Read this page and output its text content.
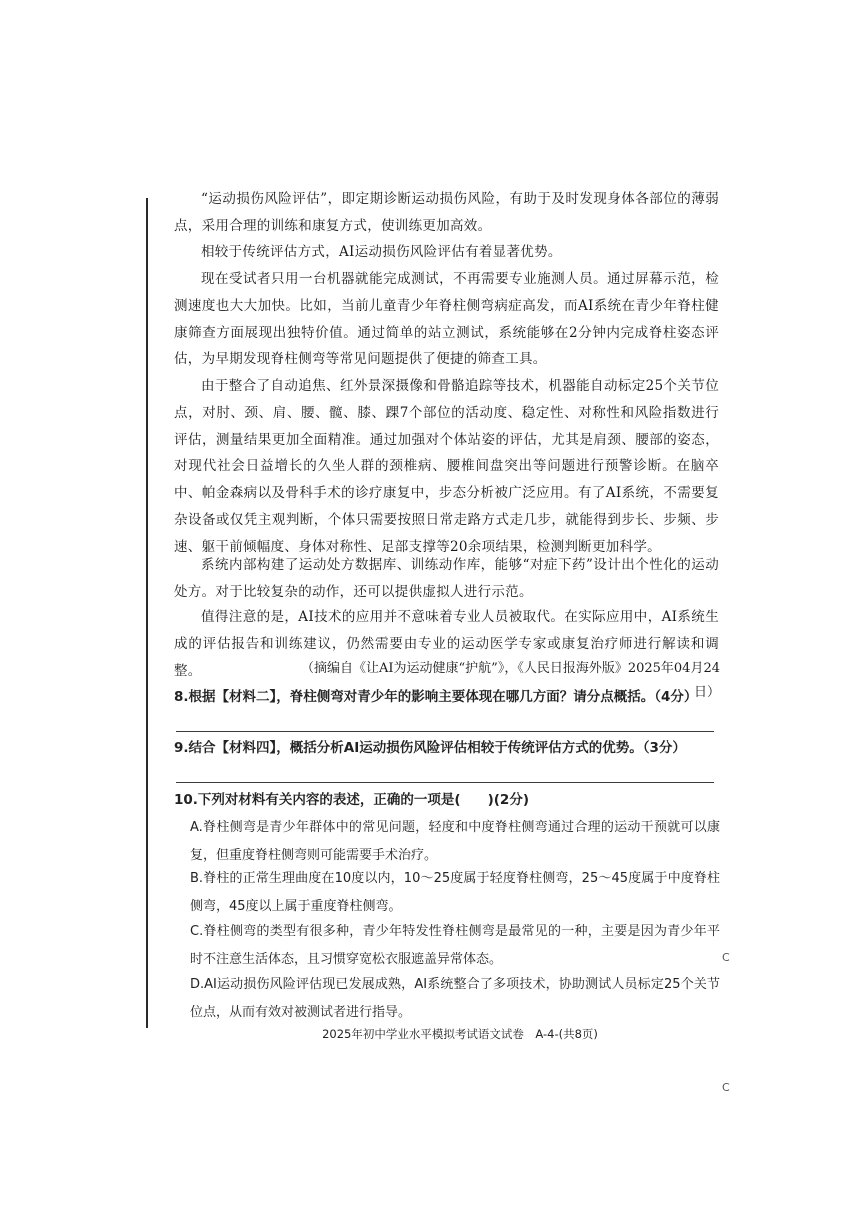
“运动损伤风险评估”，即定期诊断运动损伤风险，有助于及时发现身体各部位的薄弱点，采用合理的训练和康复方式，使训练更加高效。

相较于传统评估方式，AI运动损伤风险评估有着显著优势。

现在受试者只用一台机器就能完成测试，不再需要专业施测人员。通过屏幕示范，检测速度也大大加快。比如，当前儿童青少年脊柱侧弯病症高发，而AI系统在青少年脊柱健康筛查方面展现出独特价值。通过简单的站立测试，系统能够在2分钟内完成脊柱姿态评估，为早期发现脊柱侧弯等常见问题提供了便捷的筛查工具。

由于整合了自动追焦、红外景深摄像和骨骼追踪等技术，机器能自动标定25个关节位点，对肘、颈、肩、腰、髋、膝、踝7个部位的活动度、稳定性、对称性和风险指数进行评估，测量结果更加全面精准。通过加强对个体站姿的评估，尤其是肩颈、腰部的姿态，对现代社会日益增长的久坐人群的颈椎病、腰椎间盘突出等问题进行预警诊断。在脑卒中、帕金森病以及骨科手术的诊疗康复中，步态分析被广泛应用。有了AI系统，不需要复杂设备或仅凭主观判断，个体只需要按照日常走路方式走几步，就能得到步长、步频、步速、躯干前倾幅度、身体对称性、足部支撑等20余项结果，检测判断更加科学。

系统内部构建了运动处方数据库、训练动作库，能够“对症下药”设计出个性化的运动处方。对于比较复杂的动作，还可以提供虚拟人进行示范。

值得注意的是，AI技术的应用并不意味着专业人员被取代。在实际应用中，AI系统生成的评估报告和训练建议，仍然需要由专业的运动医学专家或康复治疗师进行解读和调整。	（摘编自《让AI为运动健康“护航”》，《人民日报海外版》2025年04月24日）

8.根据【材料二】，脊柱侧弯对青少年的影响主要体现在哪几方面？请分点概括。（4分）

9.结合【材料四】，概括分析AI运动损伤风险评估相较于传统评估方式的优势。（3分）

10.下列对材料有关内容的表述，正确的一项是(　　)(2分)

A.脊柱侧弯是青少年群体中的常见问题，轻度和中度脊柱侧弯通过合理的运动干预就可以康复，但重度脊柱侧弯则可能需要手术治疗。

B.脊柱的正常生理曲度在10度以内，10～25度属于轻度脊柱侧弯，25～45度属于中度脊柱侧弯，45度以上属于重度脊柱侧弯。

C.脊柱侧弯的类型有很多种，青少年特发性脊柱侧弯是最常见的一种，主要是因为青少年平时不注意生活体态，且习惯穿宽松衣服遮盖异常体态。

D.AI运动损伤风险评估现已发展成熟，AI系统整合了多项技术，协助测试人员标定25个关节位点，从而有效对被测试者进行指导。

2025年初中学业水平模拟考试语文试卷　A-4-(共8页)
C
C
